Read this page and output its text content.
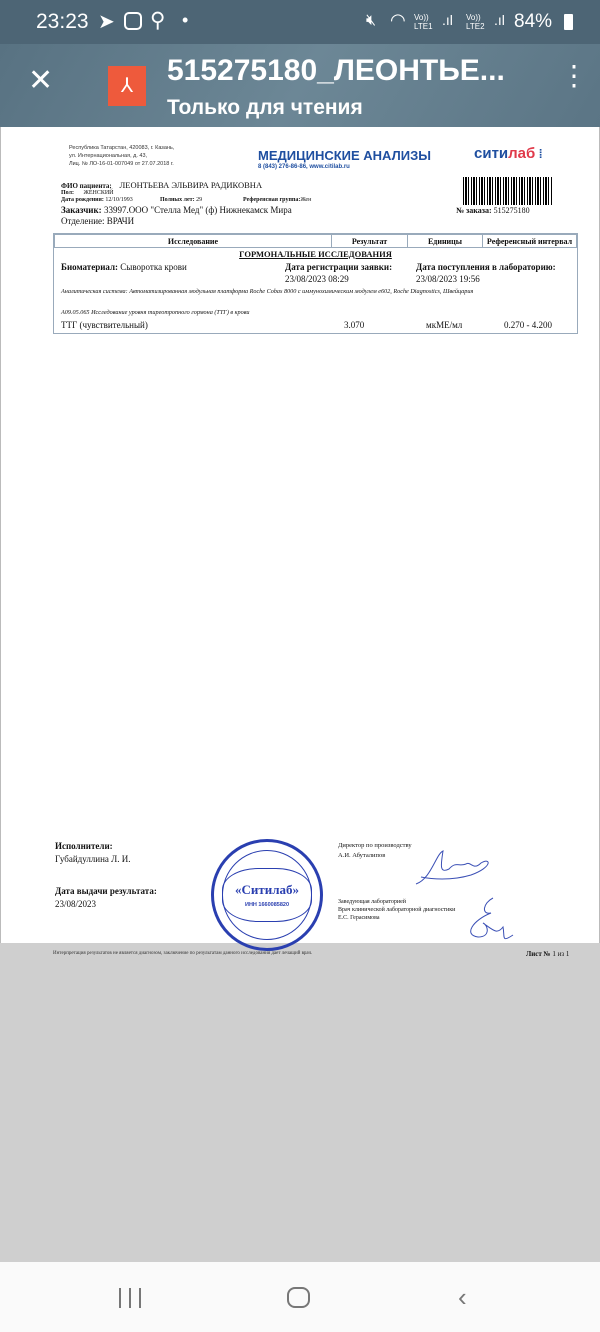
23:23 ➤ ⚲ •	🔇︎ ◠ Vo)) LTE1 .ıl Vo)) LTE2 .ıl 84%
✕	⅄	515275180_ЛЕОНТЬЕ...
Только для чтения
⋮
Республика Татарстан, 420083, г. Казань,
ул. Интернациональная, д. 43,
Лиц. № ЛО-16-01-007049 от 27.07.2018 г.
МЕДИЦИНСКИЕ АНАЛИЗЫ
8 (843) 276-86-86, www.citilab.ru
ситилаб ⁞
ФИО пациента: ЛЕОНТЬЕВА ЭЛЬВИРА РАДИКОВНА
Пол: ЖЕНСКИЙ
Дата рождения: 12/10/1993	Полных лет: 29	Референсная группа:Жен
Заказчик: 33997.ООО "Стелла Мед" (ф) Нижнекамск Мира
Отделение: ВРАЧИ
№ заказа: 515275180
Исследование	Результат	Единицы	Референсный интервал
ГОРМОНАЛЬНЫЕ ИССЛЕДОВАНИЯ
Биоматериал: Сыворотка крови	Дата регистрации заявки:
23/08/2023 08:29
Дата поступления в лабораторию:
23/08/2023 19:56
Аналитическая система: Автоматизированная модульная платформа Roche Cobas 8000 с иммунохимическим модулем e602, Roche Diagnostics, Швейцария
A09.05.065 Исследование уровня тиреотропного гормона (ТТГ) в крови
ТТГ (чувствительный)	3.070	мкМЕ/мл	0.270 - 4.200
Исполнители:
Губайдуллина Л. И.
Дата выдачи результата:
23/08/2023
«Ситилаб»
ИНН 1660085820
Директор по производству
А.И. Абуталипов
Заведующая лабораторией
Врач клинической лабораторной диагностики
Е.С. Герасимова
Интерпретация результатов не является диагнозом, заключение по результатам данного исследования дает лечащий врач.	Лист № 1 из 1
‹
